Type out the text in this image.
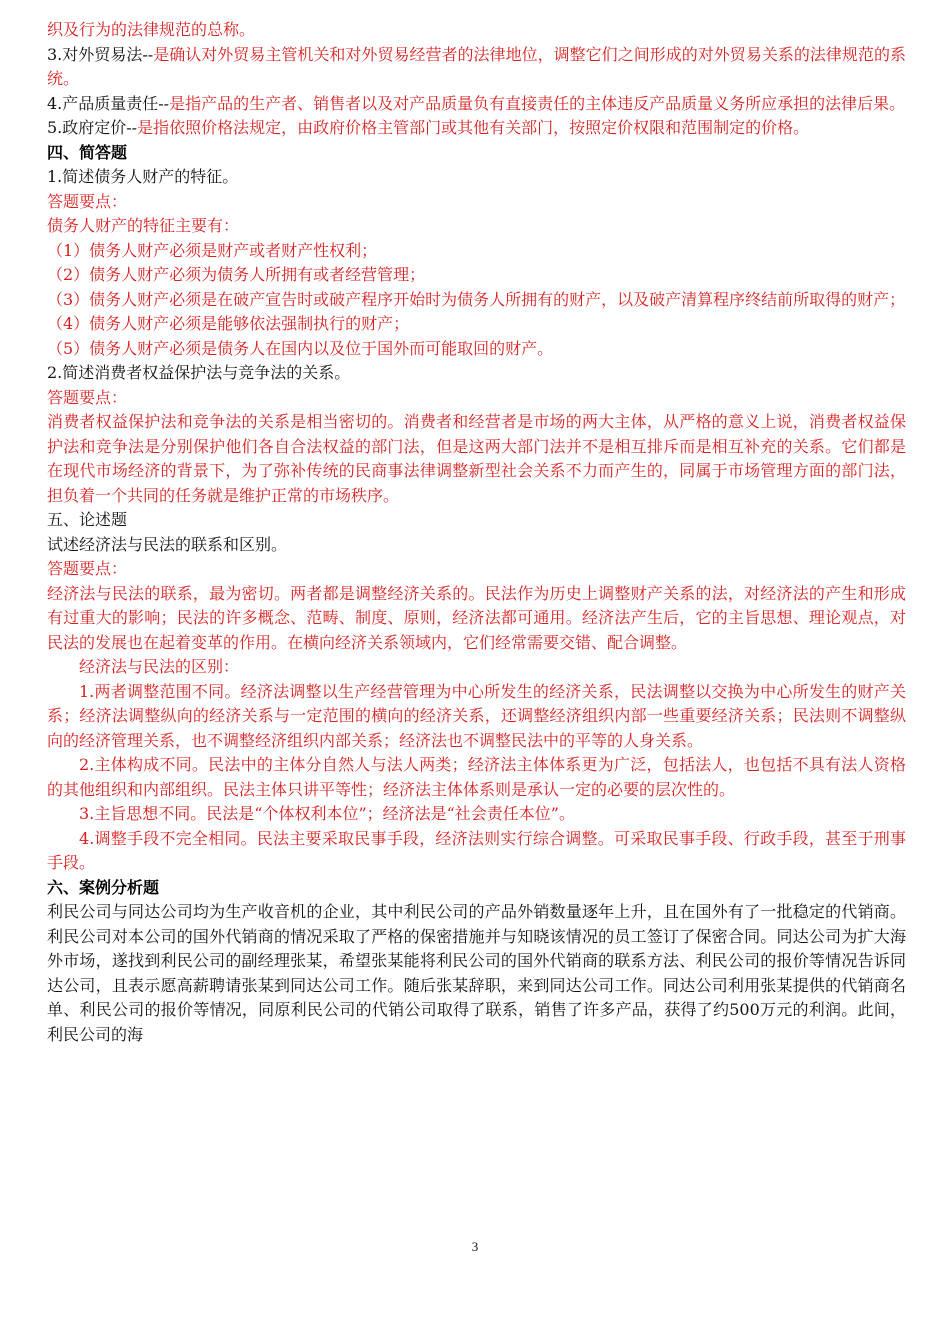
织及行为的法律规范的总称。

3.对外贸易法--是确认对外贸易主管机关和对外贸易经营者的法律地位，调整它们之间形成的对外贸易关系的法律规范的系统。

4.产品质量责任--是指产品的生产者、销售者以及对产品质量负有直接责任的主体违反产品质量义务所应承担的法律后果。

5.政府定价--是指依照价格法规定，由政府价格主管部门或其他有关部门，按照定价权限和范围制定的价格。

四、简答题

1.简述债务人财产的特征。

答题要点：

债务人财产的特征主要有：

（1）债务人财产必须是财产或者财产性权利；

（2）债务人财产必须为债务人所拥有或者经营管理；

（3）债务人财产必须是在破产宣告时或破产程序开始时为债务人所拥有的财产，以及破产清算程序终结前所取得的财产；

（4）债务人财产必须是能够依法强制执行的财产；

（5）债务人财产必须是债务人在国内以及位于国外而可能取回的财产。

2.简述消费者权益保护法与竞争法的关系。

答题要点：

消费者权益保护法和竞争法的关系是相当密切的。消费者和经营者是市场的两大主体，从严格的意义上说，消费者权益保护法和竞争法是分别保护他们各自合法权益的部门法，但是这两大部门法并不是相互排斥而是相互补充的关系。它们都是在现代市场经济的背景下，为了弥补传统的民商事法律调整新型社会关系不力而产生的，同属于市场管理方面的部门法，担负着一个共同的任务就是维护正常的市场秩序。

五、论述题

试述经济法与民法的联系和区别。

答题要点：

经济法与民法的联系，最为密切。两者都是调整经济关系的。民法作为历史上调整财产关系的法，对经济法的产生和形成有过重大的影响；民法的许多概念、范畴、制度、原则，经济法都可通用。经济法产生后，它的主旨思想、理论观点，对民法的发展也在起着变革的作用。在横向经济关系领域内，它们经常需要交错、配合调整。

经济法与民法的区别：

1.两者调整范围不同。经济法调整以生产经营管理为中心所发生的经济关系，民法调整以交换为中心所发生的财产关系；经济法调整纵向的经济关系与一定范围的横向的经济关系，还调整经济组织内部一些重要经济关系；民法则不调整纵向的经济管理关系，也不调整经济组织内部关系；经济法也不调整民法中的平等的人身关系。

2.主体构成不同。民法中的主体分自然人与法人两类；经济法主体体系更为广泛，包括法人，也包括不具有法人资格的其他组织和内部组织。民法主体只讲平等性；经济法主体体系则是承认一定的必要的层次性的。

3.主旨思想不同。民法是“个体权利本位”；经济法是“社会责任本位”。

4.调整手段不完全相同。民法主要采取民事手段，经济法则实行综合调整。可采取民事手段、行政手段，甚至于刑事手段。

六、案例分析题

利民公司与同达公司均为生产收音机的企业，其中利民公司的产品外销数量逐年上升，且在国外有了一批稳定的代销商。利民公司对本公司的国外代销商的情况采取了严格的保密措施并与知晓该情况的员工签订了保密合同。同达公司为扩大海外市场，遂找到利民公司的副经理张某，希望张某能将利民公司的国外代销商的联系方法、利民公司的报价等情况告诉同达公司，且表示愿高薪聘请张某到同达公司工作。随后张某辞职，来到同达公司工作。同达公司利用张某提供的代销商名单、利民公司的报价等情况，同原利民公司的代销公司取得了联系，销售了许多产品，获得了约500万元的利润。此间，利民公司的海

3
